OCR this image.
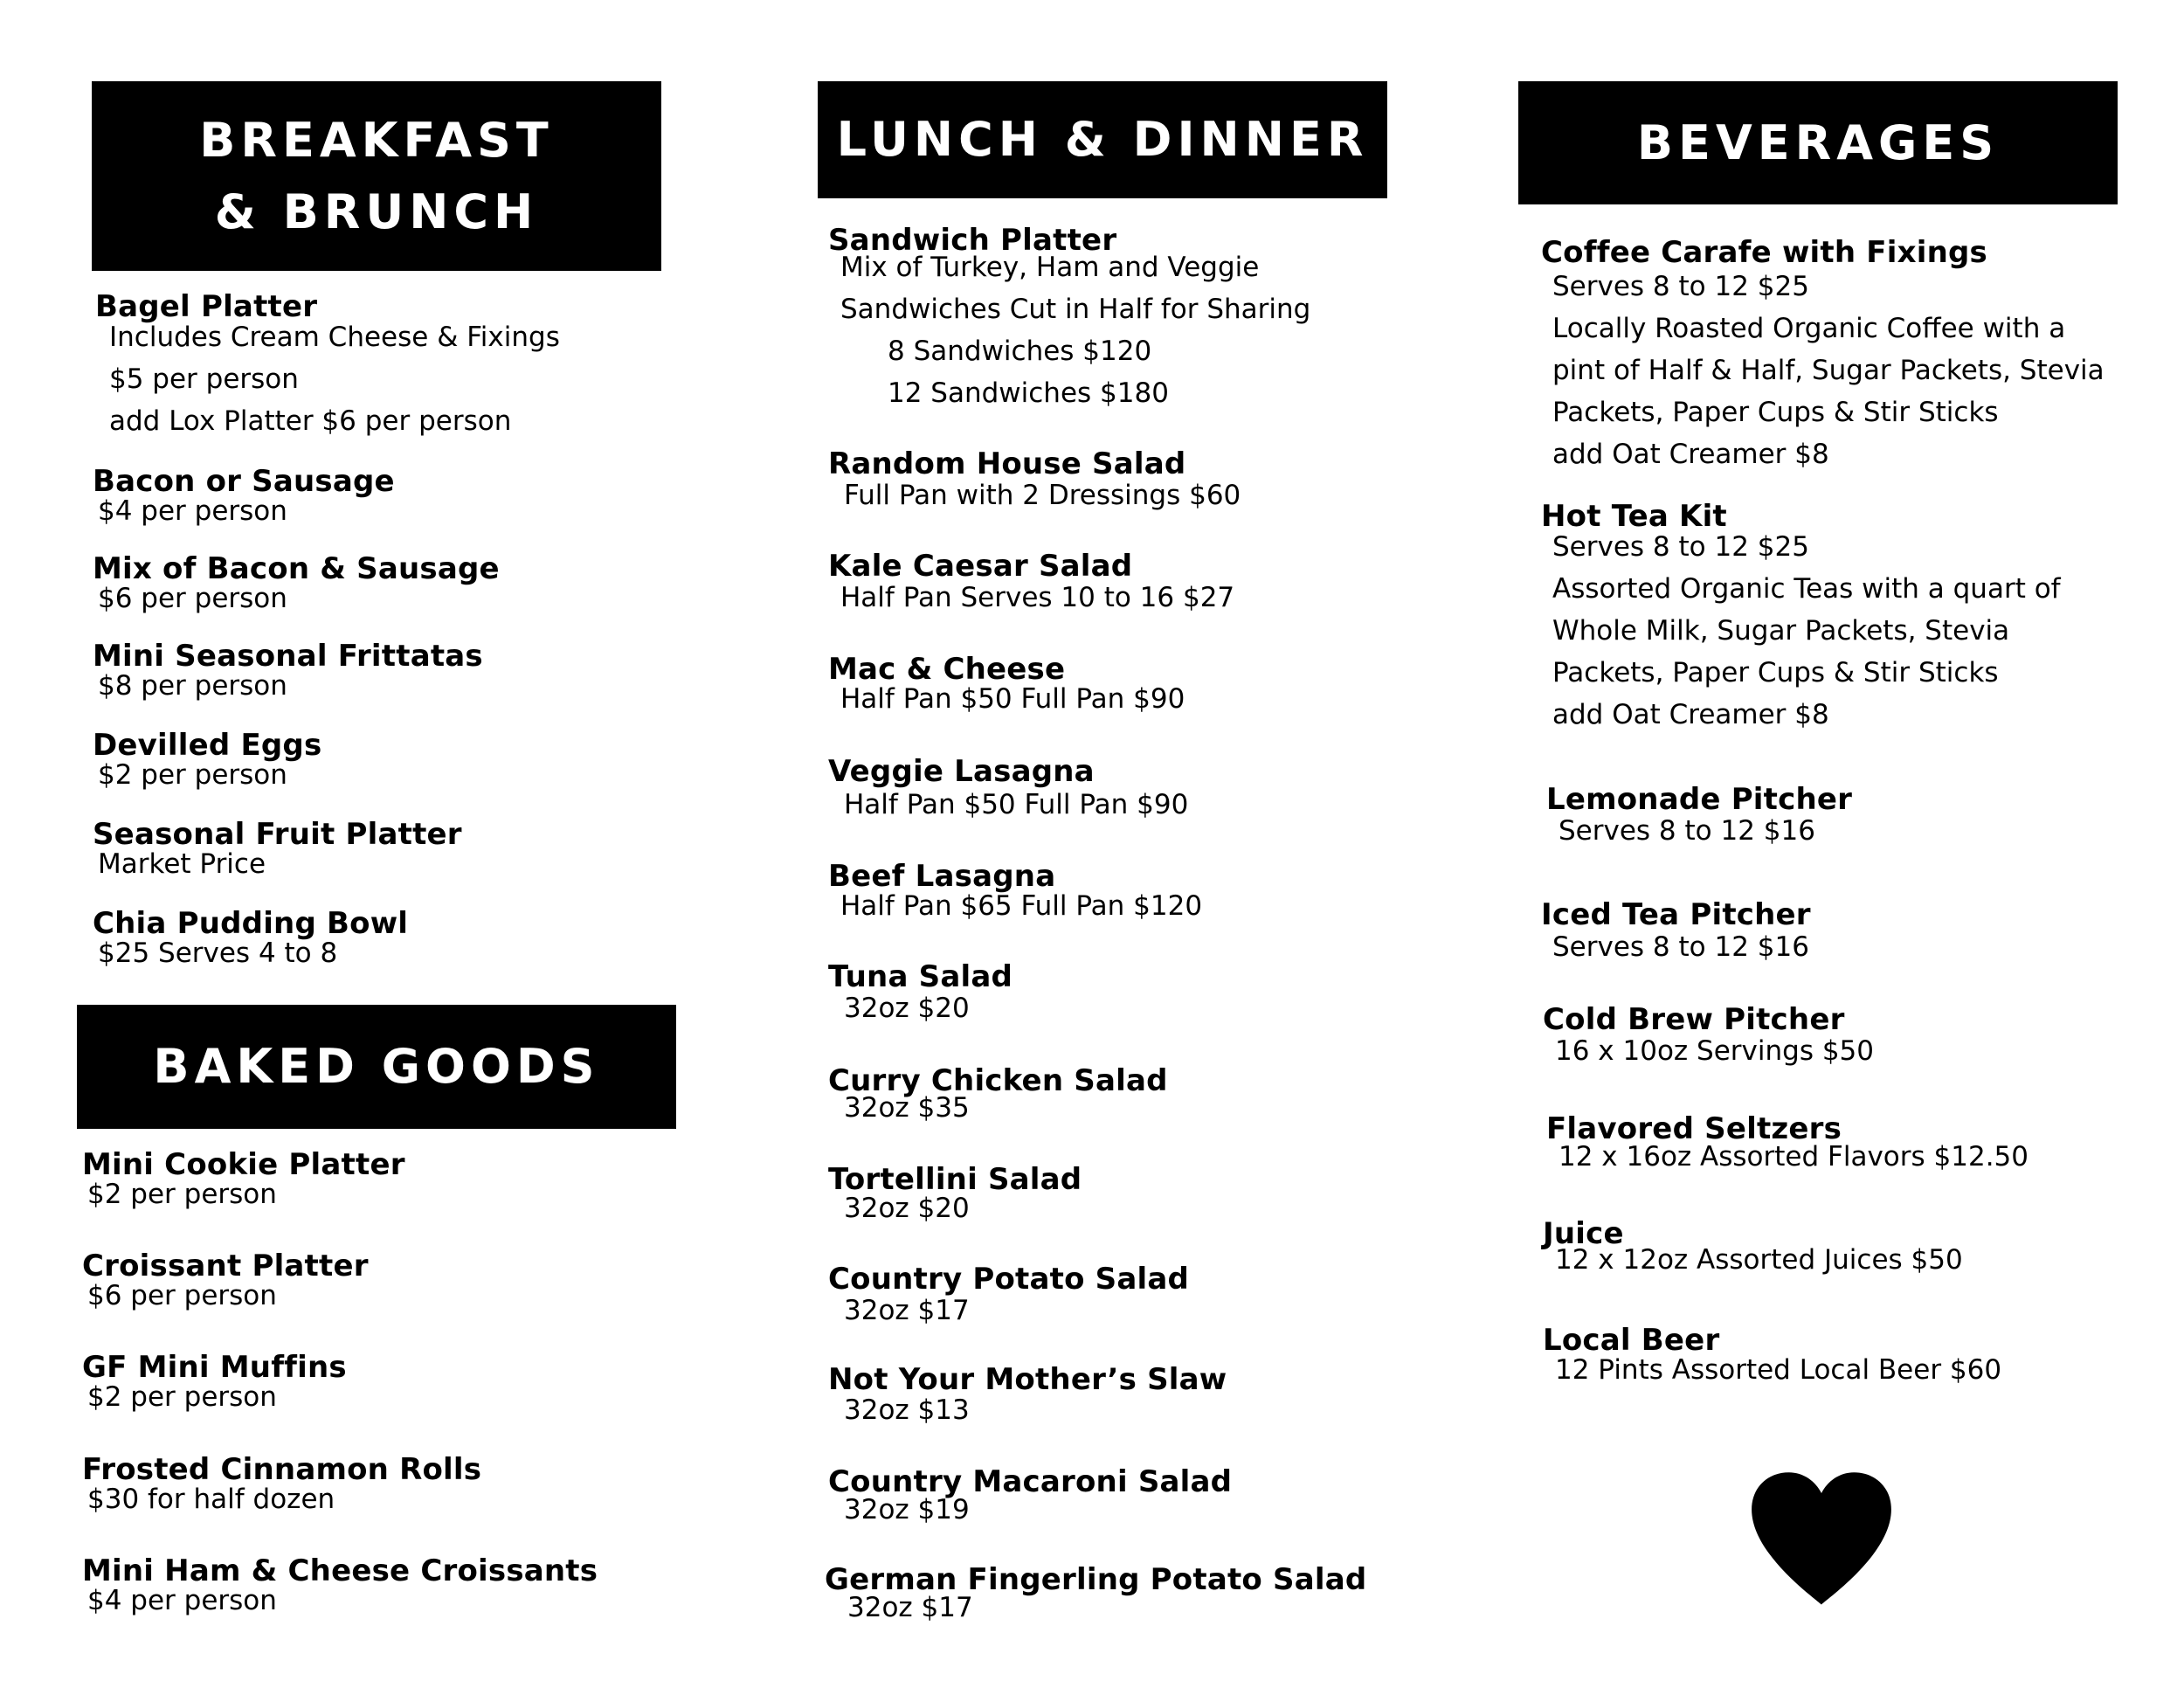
BREAKFAST
& BRUNCH
BAKED GOODS
LUNCH & DINNER	BEVERAGES
Bagel Platter
Includes Cream Cheese & Fixings
$5 per person
add Lox Platter $6 per person
Bacon or Sausage
$4 per person
Mix of Bacon & Sausage
$6 per person
Mini Seasonal Frittatas
$8 per person
Devilled Eggs
$2 per person
Seasonal Fruit Platter
Market Price
Chia Pudding Bowl
$25 Serves 4 to 8
Mini Cookie Platter
$2 per person
Croissant Platter
$6 per person
GF Mini Muffins
$2 per person
Frosted Cinnamon Rolls
$30 for half dozen
Mini Ham & Cheese Croissants
$4 per person
Sandwich Platter
Mix of Turkey, Ham and Veggie
Sandwiches Cut in Half for Sharing
8 Sandwiches $120
12 Sandwiches $180
Random House Salad
Full Pan with 2 Dressings $60
Kale Caesar Salad
Half Pan Serves 10 to 16 $27
Mac & Cheese
Half Pan $50 Full Pan $90
Veggie Lasagna
Half Pan $50 Full Pan $90
Beef Lasagna
Half Pan $65 Full Pan $120
Tuna Salad
32oz $20
Curry Chicken Salad
32oz $35
Tortellini Salad
32oz $20
Country Potato Salad
32oz $17
Not Your Mother’s Slaw
32oz $13
Country Macaroni Salad
32oz $19
German Fingerling Potato Salad
32oz $17
Coffee Carafe with Fixings
Serves 8 to 12 $25
Locally Roasted Organic Coffee with a
pint of Half & Half, Sugar Packets, Stevia
Packets, Paper Cups & Stir Sticks
add Oat Creamer $8
Hot Tea Kit
Serves 8 to 12 $25
Assorted Organic Teas with a quart of
Whole Milk, Sugar Packets, Stevia
Packets, Paper Cups & Stir Sticks
add Oat Creamer $8
Lemonade Pitcher
Serves 8 to 12 $16
Iced Tea Pitcher
Serves 8 to 12 $16
Cold Brew Pitcher
16 x 10oz Servings $50
Flavored Seltzers
12 x 16oz Assorted Flavors $12.50
Juice
12 x 12oz Assorted Juices $50
Local Beer
12 Pints Assorted Local Beer $60
